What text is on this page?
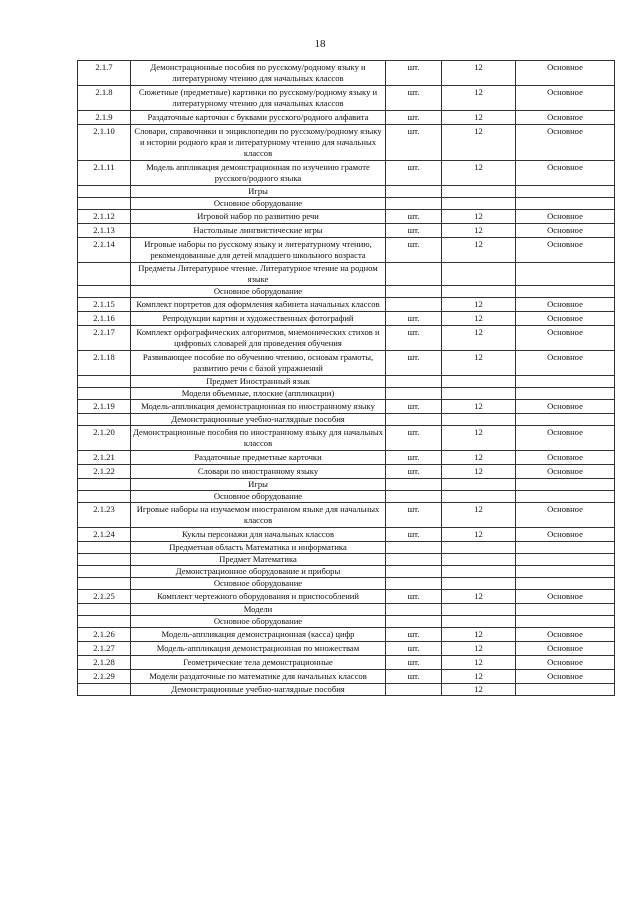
18
2.1.7	Демонстрационные пособия по русскому/родному языку и литературному чтению для начальных классов	шт.	12	Основное
2.1.8	Сюжетные (предметные) картинки по русскому/родному языку и литературному чтению для начальных классов	шт.	12	Основное
2.1.9	Раздаточные карточки с буквами русского/родного алфавита	шт.	12	Основное
2.1.10	Словари, справочники и энциклопедии по русскому/родному языку и истории родного края и литературному чтению для начальных классов	шт.	12	Основное
2.1.11	Модель аппликация демонстрационная по изучению грамоте русского/родного языка	шт.	12	Основное
	Игры			
	Основное оборудование			
2.1.12	Игровой набор по развитию речи	шт.	12	Основное
2.1.13	Настольные лингвистические игры	шт.	12	Основное
2.1.14	Игровые наборы по русскому языку и литературному чтению, рекомендованные для детей младшего школьного возраста	шт.	12	Основное
	Предметы Литературное чтение. Литературное чтение на родном языке			
	Основное оборудование			
2.1.15	Комплект портретов для оформления кабинета начальных классов		12	Основное
2.1.16	Репродукции картин и художественных фотографий	шт.	12	Основное
2.1.17	Комплект орфографических алгоритмов, мнемонических стихов и цифровых словарей для проведения обучения	шт.	12	Основное
2.1.18	Развивающее пособие по обучению чтению, основам грамоты, развитию речи с базой упражнений	шт.	12	Основное
	Предмет Иностранный язык			
	Модели объемные, плоские (аппликации)			
2.1.19	Модель-аппликация демонстрационная по иностранному языку	шт.	12	Основное
	Демонстрационные учебно-наглядные пособия			
2.1.20	Демонстрационные пособия по иностранному языку для начальных классов	шт.	12	Основное
2.1.21	Раздаточные предметные карточки	шт.	12	Основное
2.1.22	Словари по иностранному языку	шт.	12	Основное
	Игры			
	Основное оборудование			
2.1.23	Игровые наборы на изучаемом иностранном языке для начальных классов	шт.	12	Основное
2.1.24	Куклы персонажи для начальных классов	шт.	12	Основное
	Предметная область Математика и информатика			
	Предмет Математика			
	Демонстрационное оборудование и приборы			
	Основное оборудование			
2.1.25	Комплект чертежного оборудования и приспособлений	шт.	12	Основное
	Модели			
	Основное оборудование			
2.1.26	Модель-аппликация демонстрационная (касса) цифр	шт.	12	Основное
2.1.27	Модель-аппликация демонстрационная по множествам	шт.	12	Основное
2.1.28	Геометрические тела демонстрационные	шт.	12	Основное
2.1.29	Модели раздаточные по математике для начальных классов	шт.	12	Основное
	Демонстрационные учебно-наглядные пособия		12	
